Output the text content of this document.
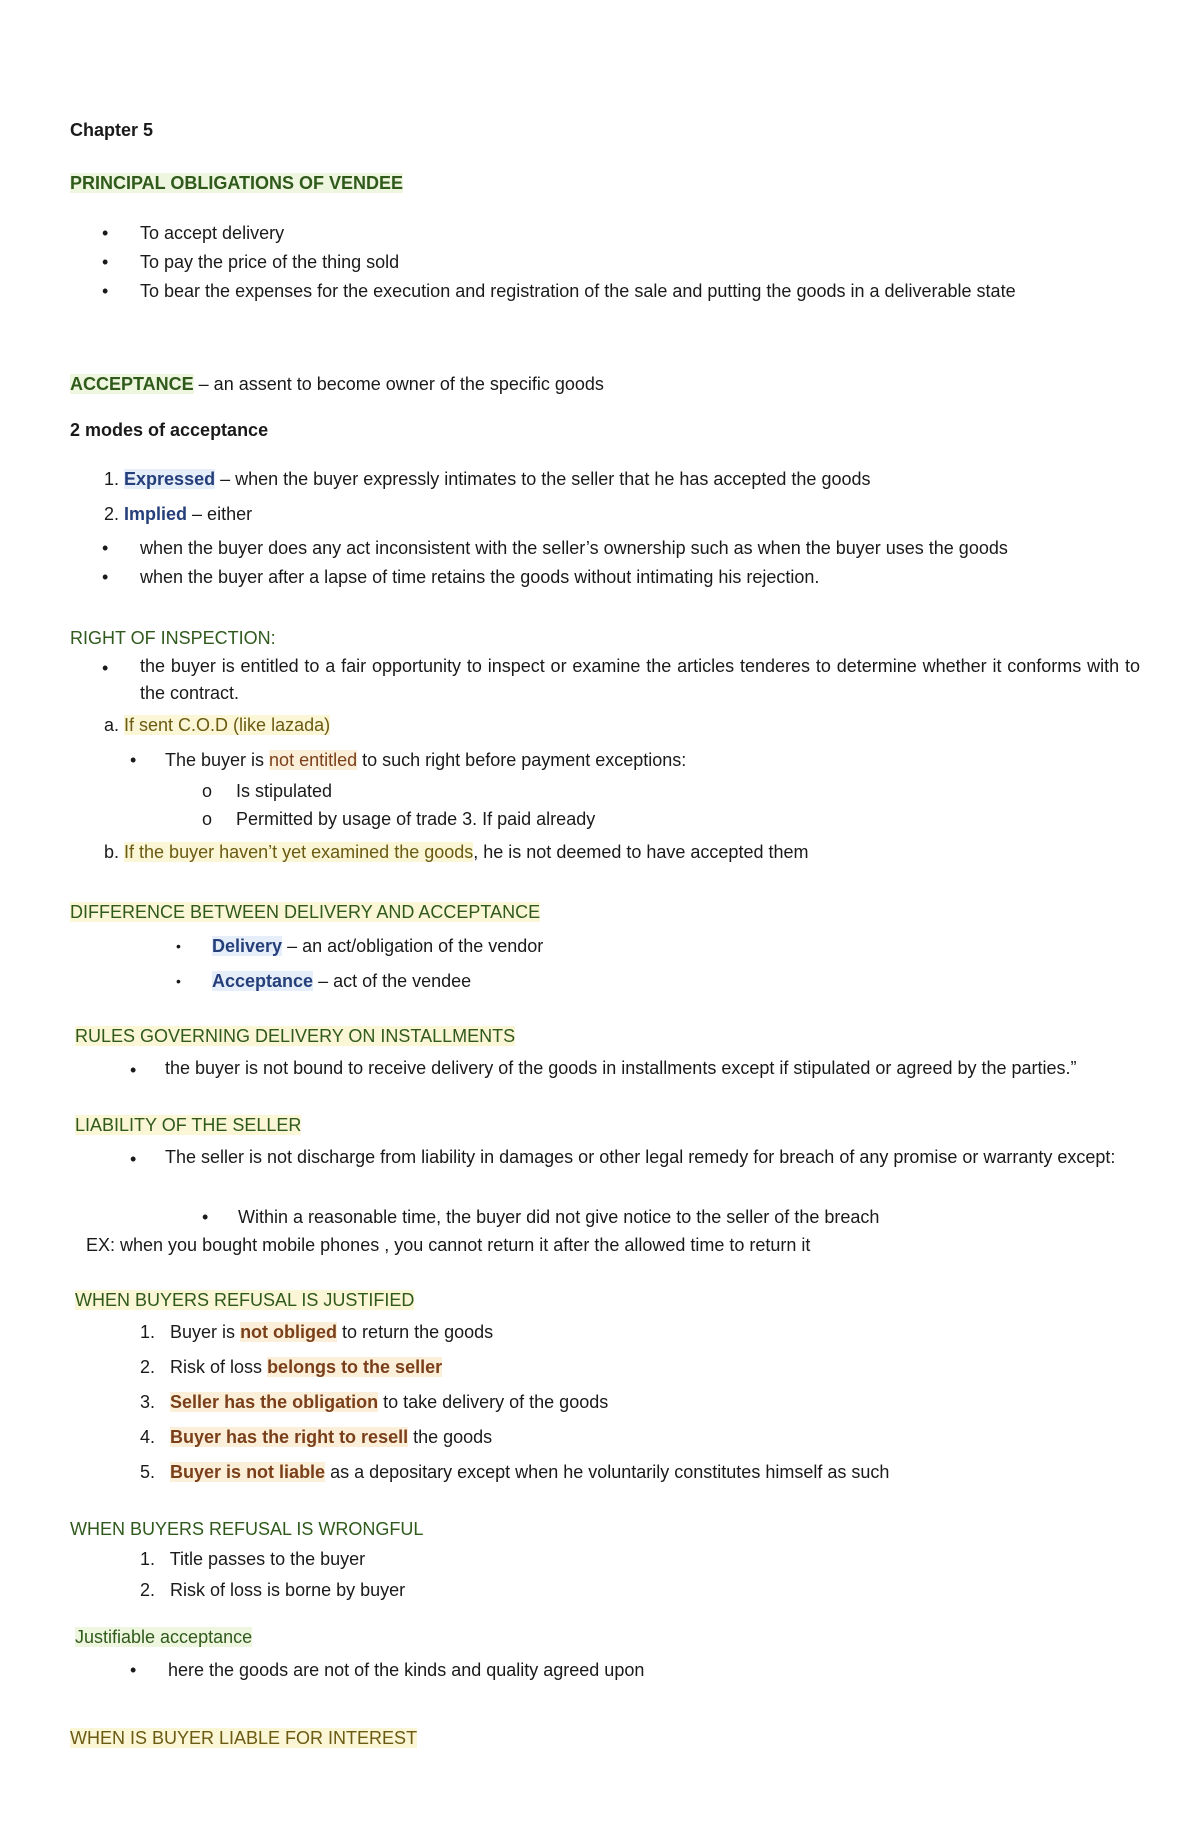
Chapter 5
PRINCIPAL OBLIGATIONS OF VENDEE
• To accept delivery
• To pay the price of the thing sold
• To bear the expenses for the execution and registration of the sale and putting the goods in a deliverable state
ACCEPTANCE – an assent to become owner of the specific goods
2 modes of acceptance
1. Expressed – when the buyer expressly intimates to the seller that he has accepted the goods
2. Implied – either
• when the buyer does any act inconsistent with the seller’s ownership such as when the buyer uses the goods
• when the buyer after a lapse of time retains the goods without intimating his rejection.
RIGHT OF INSPECTION:
• the buyer is entitled to a fair opportunity to inspect or examine the articles tenderes to determine whether it conforms with to the contract.
a. If sent C.O.D (like lazada)
• The buyer is not entitled to such right before payment exceptions:
o Is stipulated
o Permitted by usage of trade 3. If paid already
b. If the buyer haven’t yet examined the goods, he is not deemed to have accepted them
DIFFERENCE BETWEEN DELIVERY AND ACCEPTANCE
• Delivery – an act/obligation of the vendor
• Acceptance – act of the vendee
RULES GOVERNING DELIVERY ON INSTALLMENTS
• the buyer is not bound to receive delivery of the goods in installments except if stipulated or agreed by the parties.”
LIABILITY OF THE SELLER
• The seller is not discharge from liability in damages or other legal remedy for breach of any promise or warranty except:
• Within a reasonable time, the buyer did not give notice to the seller of the breach
EX: when you bought mobile phones , you cannot return it after the allowed time to return it
WHEN BUYERS REFUSAL IS JUSTIFIED
1. Buyer is not obliged to return the goods
2. Risk of loss belongs to the seller
3. Seller has the obligation to take delivery of the goods
4. Buyer has the right to resell the goods
5. Buyer is not liable as a depositary except when he voluntarily constitutes himself as such
WHEN BUYERS REFUSAL IS WRONGFUL
1. Title passes to the buyer
2. Risk of loss is borne by buyer
Justifiable acceptance
• here the goods are not of the kinds and quality agreed upon
WHEN IS BUYER LIABLE FOR INTEREST
